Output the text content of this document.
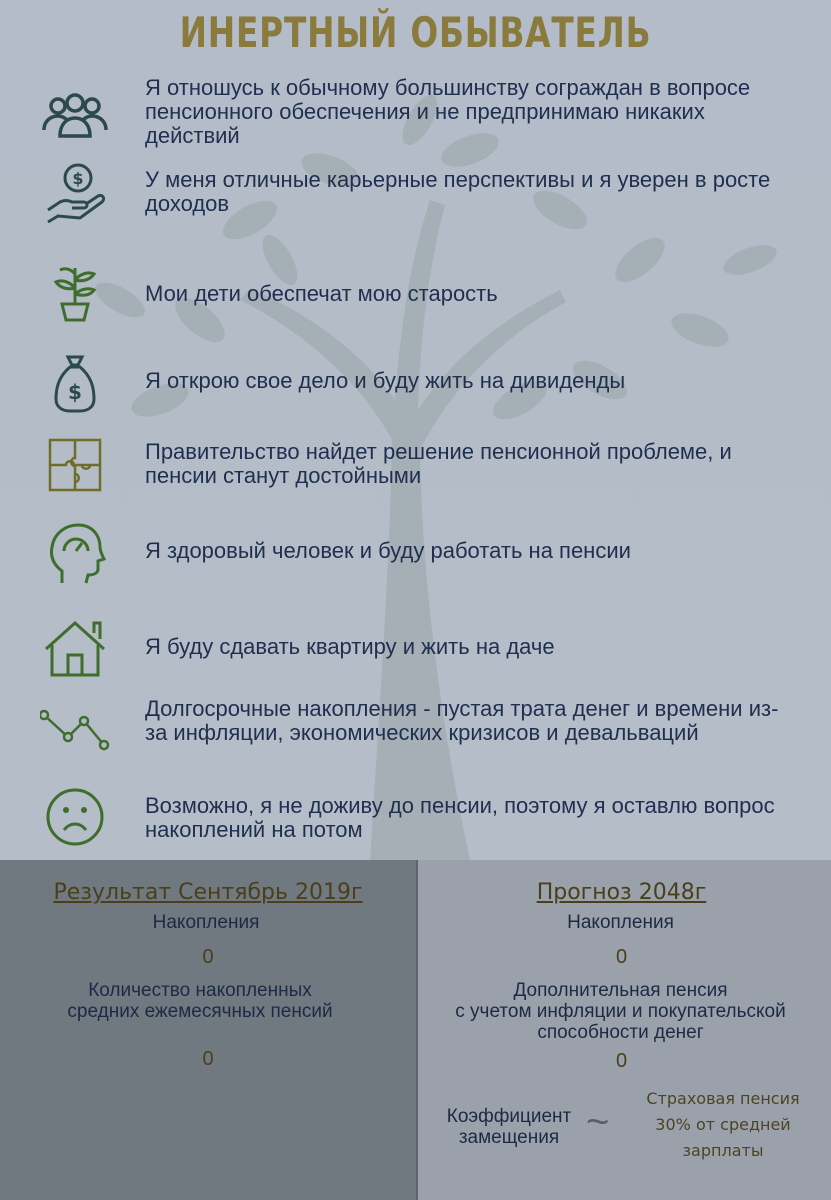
ИНЕРТНЫЙ ОБЫВАТЕЛЬ
Я отношусь к обычному большинству сограждан в вопросе пенсионного обеспечения и не предпринимаю никаких действий
$	У меня отличные карьерные перспективы и я уверен в росте доходов
Мои дети обеспечат мою старость
$	Я открою свое дело и буду жить на дивиденды
Правительство найдет решение пенсионной проблеме, и пенсии станут достойными
Я здоровый человек и буду работать на пенсии
Я буду сдавать квартиру и жить на даче
Долгосрочные накопления - пустая трата денег и времени из-за инфляции, экономических кризисов и девальваций
Возможно, я не доживу до пенсии, поэтому я оставлю вопрос накоплений на потом
Результат Сентябрь 2019г
Накопления
0
Количество накопленных
средних ежемесячных пенсий
0
Прогноз 2048г
Накопления
0
Дополнительная пенсия
с учетом инфляции и покупательской
способности денег
0
Коэффициент
замещения ~
Страховая пенсия
30% от средней
зарплаты
